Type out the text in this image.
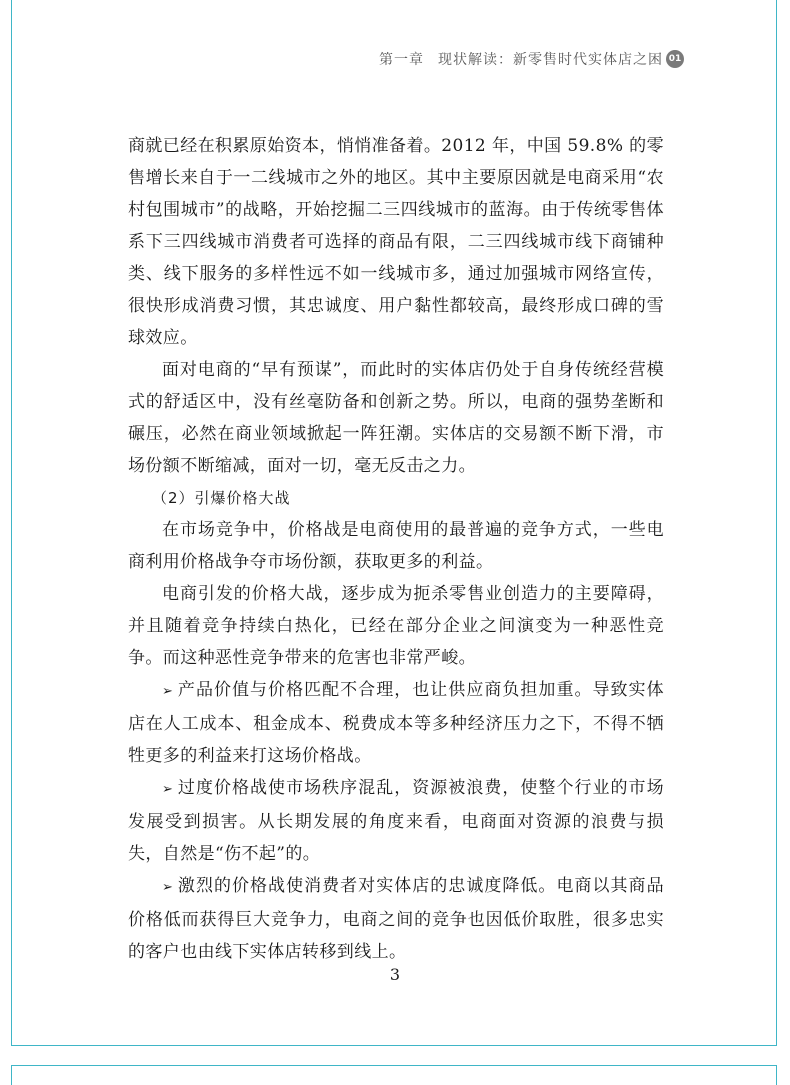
第一章 现状解读：新零售时代实体店之困 01

商就已经在积累原始资本，悄悄准备着。2012 年，中国 59.8% 的零售增长来自于一二线城市之外的地区。其中主要原因就是电商采用“农村包围城市”的战略，开始挖掘二三四线城市的蓝海。由于传统零售体系下三四线城市消费者可选择的商品有限，二三四线城市线下商铺种类、线下服务的多样性远不如一线城市多，通过加强城市网络宣传，很快形成消费习惯，其忠诚度、用户黏性都较高，最终形成口碑的雪球效应。

面对电商的“早有预谋”，而此时的实体店仍处于自身传统经营模式的舒适区中，没有丝毫防备和创新之势。所以，电商的强势垄断和碾压，必然在商业领域掀起一阵狂潮。实体店的交易额不断下滑，市场份额不断缩减，面对一切，毫无反击之力。

（2）引爆价格大战

在市场竞争中，价格战是电商使用的最普遍的竞争方式，一些电商利用价格战争夺市场份额，获取更多的利益。

电商引发的价格大战，逐步成为扼杀零售业创造力的主要障碍，并且随着竞争持续白热化，已经在部分企业之间演变为一种恶性竞争。而这种恶性竞争带来的危害也非常严峻。

➢ 产品价值与价格匹配不合理，也让供应商负担加重。导致实体店在人工成本、租金成本、税费成本等多种经济压力之下，不得不牺牲更多的利益来打这场价格战。

➢ 过度价格战使市场秩序混乱，资源被浪费，使整个行业的市场发展受到损害。从长期发展的角度来看，电商面对资源的浪费与损失，自然是“伤不起”的。

➢ 激烈的价格战使消费者对实体店的忠诚度降低。电商以其商品价格低而获得巨大竞争力，电商之间的竞争也因低价取胜，很多忠实的客户也由线下实体店转移到线上。

3
